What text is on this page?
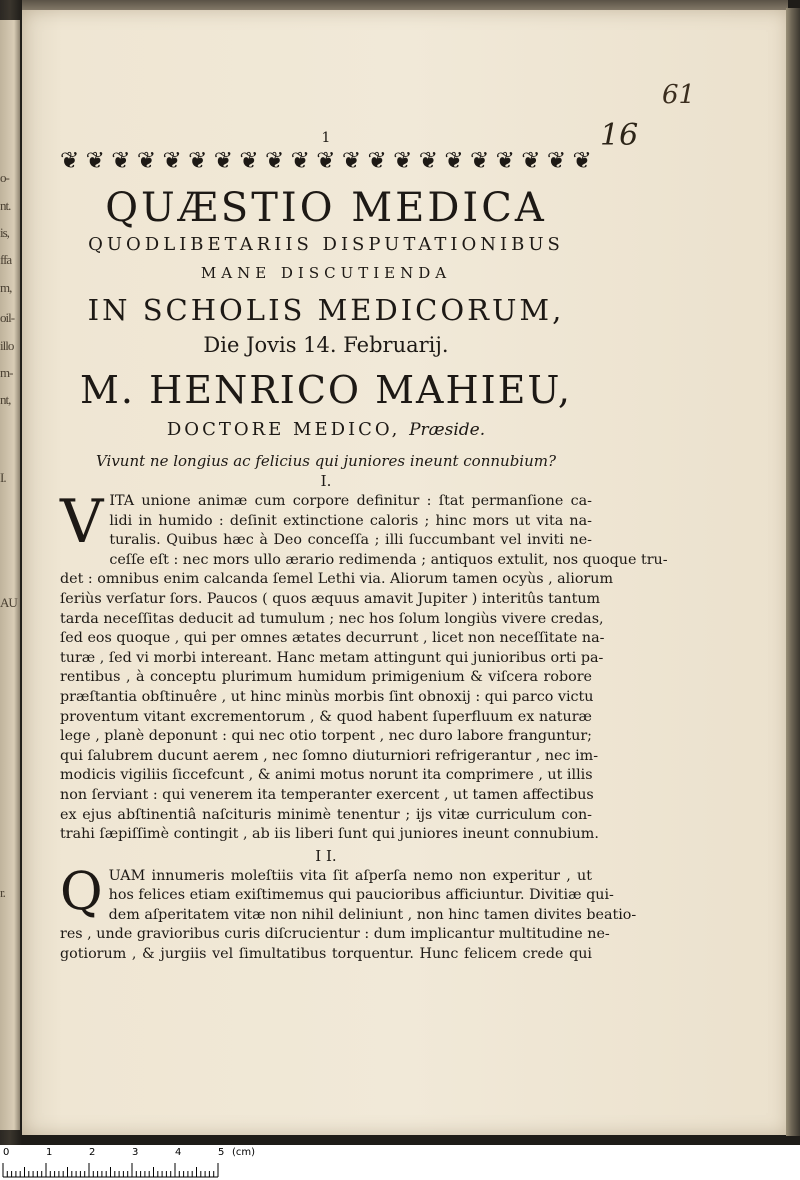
o-
nt.
is,
ffa
m,
oil-
illo
m-
nt,
I.
AU
r.
61
16

1

❦ ❦ ❦ ❦ ❦ ❦ ❦ ❦ ❦ ❦ ❦ ❦ ❦ ❦ ❦ ❦ ❦ ❦ ❦ ❦ ❦

QUÆSTIO MEDICA

QUODLIBETARIIS DISPUTATIONIBUS

MANE DISCUTIENDA

IN SCHOLIS MEDICORUM,

Die Jovis 14. Februarij.

M. HENRICO MAHIEU,

DOCTORE MEDICO, Præside.

Vivunt ne longius ac felicius qui juniores ineunt connubium?

I.

V ITA unione animæ cum corpore definitur : ſtat permanſione ca-
lidi in humido : deſinit extinctione caloris ; hinc mors ut vita na-
turalis. Quibus hæc à Deo conceſſa ; illi ſuccumbant vel inviti ne-
ceſſe eſt : nec mors ullo ærario redimenda ; antiquos extulit, nos quoque tru-
det : omnibus enim calcanda ſemel Lethi via. Aliorum tamen ocyùs , aliorum
ſeriùs verſatur ſors. Paucos ( quos æquus amavit Jupiter ) interitûs tantum
tarda neceſſitas deducit ad tumulum ; nec hos ſolum longiùs vivere credas,
ſed eos quoque , qui per omnes ætates decurrunt , licet non neceſſitate na-
turæ , ſed vi morbi intereant. Hanc metam attingunt qui junioribus orti pa-
rentibus , à conceptu plurimum humidum primigenium & viſcera robore
præſtantia obſtinuêre , ut hinc minùs morbis ſint obnoxij : qui parco victu
proventum vitant excrementorum , & quod habent ſuperfluum ex naturæ
lege , planè deponunt : qui nec otio torpent , nec duro labore franguntur;
qui ſalubrem ducunt aerem , nec ſomno diuturniori refrigerantur , nec im-
modicis vigiliis ſiccefcunt , & animi motus norunt ita comprimere , ut illis
non ſerviant : qui venerem ita temperanter exercent , ut tamen affectibus
ex ejus abſtinentiâ naſcituris minimè tenentur ; ijs vitæ curriculum con-
trahi ſæpiſſimè contingit , ab iis liberi ſunt qui juniores ineunt connubium.

I I.

Q UAM innumeris moleſtiis vita ſit aſperſa nemo non experitur , ut
hos felices etiam exiſtimemus qui paucioribus afficiuntur. Divitiæ qui-
dem aſperitatem vitæ non nihil deliniunt , non hinc tamen divites beatio-
res , unde gravioribus curis diſcrucientur : dum implicantur multitudine ne-
gotiorum , & jurgiis vel ſimultatibus torquentur. Hunc felicem crede qui
0	1	2	3	4	5 (cm)
